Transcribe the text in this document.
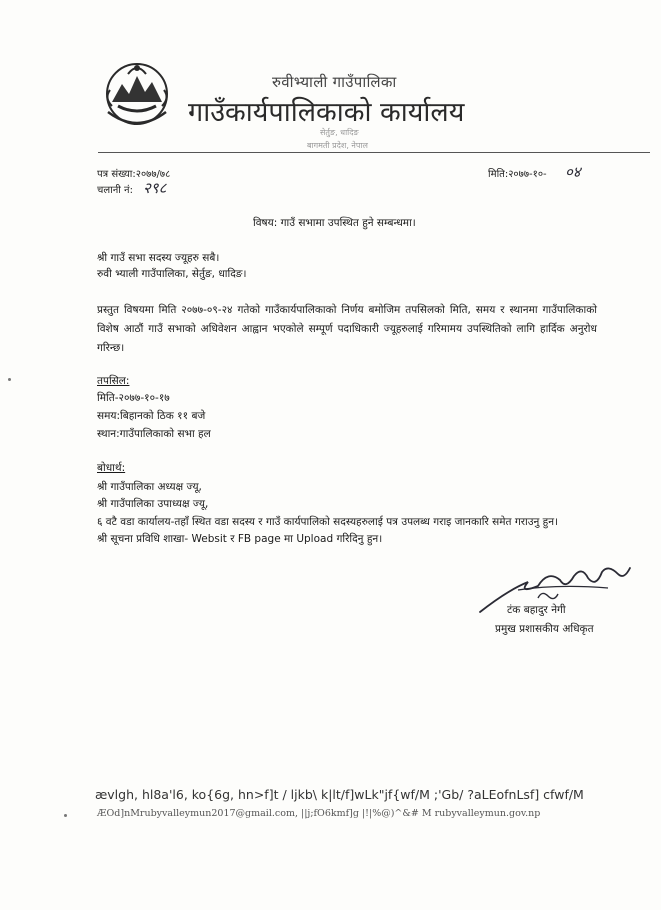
रुवीभ्याली गाउँपालिका
गाउँकार्यपालिकाको कार्यालय
सेर्तुङ, धादिङ
बागमती प्रदेश, नेपाल
पत्र संख्या:२०७७/७८
चलानी नं: २९८
मिति:२०७७-१०- ०४
विषय: गाउँ सभामा उपस्थित हुने सम्बन्धमा।
श्री गाउँ सभा सदस्य ज्यूहरु सबै।
रुवी भ्याली गाउँपालिका, सेर्तुङ, धादिङ।
प्रस्तुत विषयमा मिति २०७७-०९-२४ गतेको गाउँकार्यपालिकाको निर्णय बमोजिम तपसिलको मिति, समय र स्थानमा गाउँपालिकाको विशेष आठौं गाउँ सभाको अधिवेशन आह्वान भएकोले सम्पूर्ण पदाधिकारी ज्यूहरुलाई गरिमामय उपस्थितिको लागि हार्दिक अनुरोध गरिन्छ।
तपसिल:
मिति-२०७७-१०-१७
समय:बिहानको ठिक ११ बजे
स्थान:गाउँपालिकाको सभा हल
बोधार्थ:
श्री गाउँपालिका अध्यक्ष ज्यू,
श्री गाउँपालिका उपाध्यक्ष ज्यू,
६ वटै वडा कार्यालय-तहाँ स्थित वडा सदस्य र गाउँ कार्यपालिको सदस्यहरुलाई पत्र उपलब्ध गराइ जानकारि समेत गराउनु हुन।
श्री सूचना प्रविधि शाखा- Websit र FB page मा Upload गरिदिनु हुन।
टंक बहादुर नेगी
प्रमुख प्रशासकीय अधिकृत
ævlgh, hl8a'l6, ko{6g, hn>f]t / ljkb\ k|lt/f]wLk"jf{wf/M ;'Gb/ ?aLEofnLsf] cfwf/M
ÆOd]nMrubyvalleymun2017@gmail.com, ||j;fO6kmf]g |!|%@)^&# M rubyvalleymun.gov.np
